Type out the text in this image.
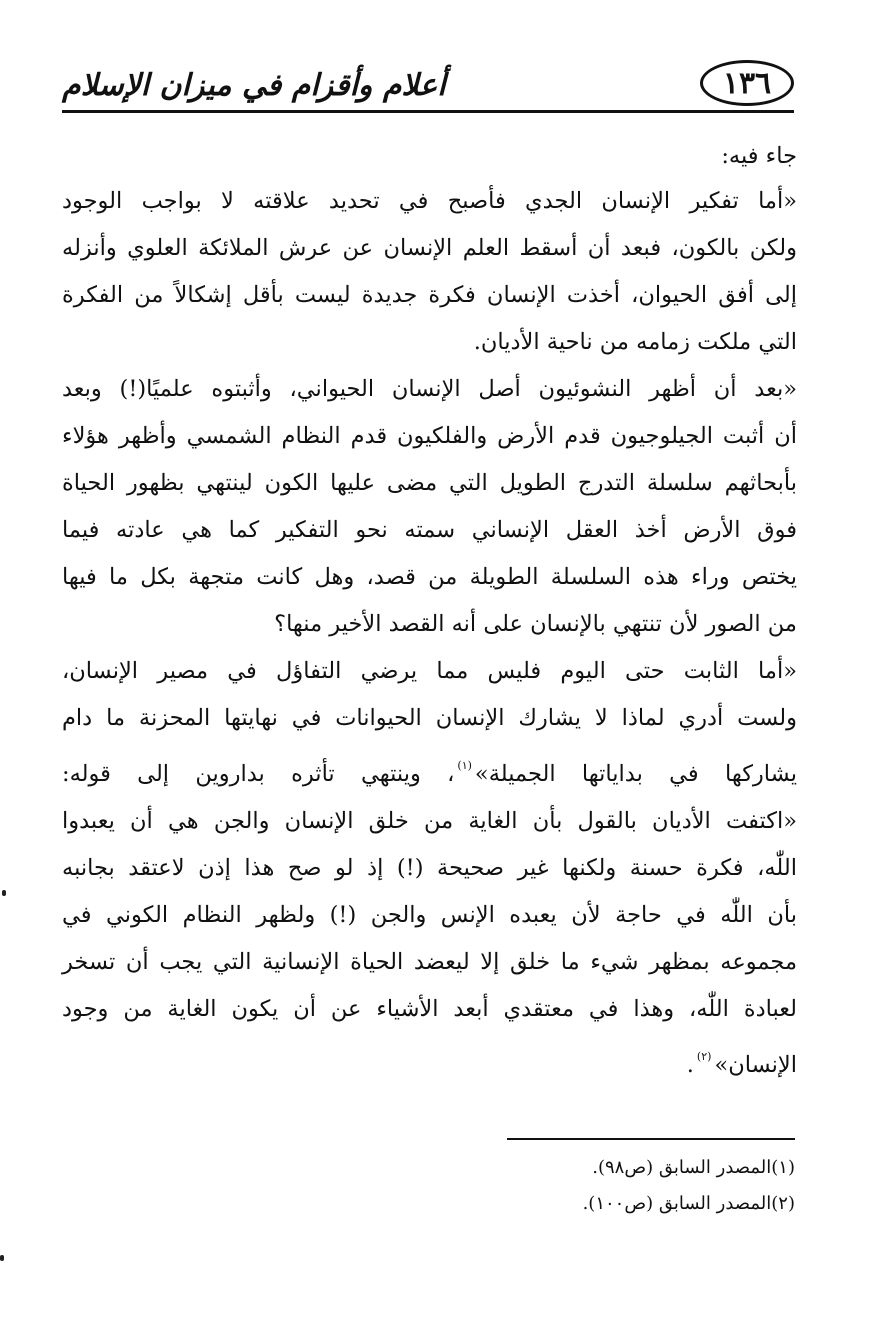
١٣٦
أعلام وأقزام في ميزان الإسلام

جاء فيه:

«أما تفكير الإنسان الجدي فأصبح في تحديد علاقته لا بواجب الوجود
ولكن بالكون، فبعد أن أسقط العلم الإنسان عن عرش الملائكة العلوي وأنزله
إلى أفق الحيوان، أخذت الإنسان فكرة جديدة ليست بأقل إشكالاً من الفكرة
التي ملكت زمامه من ناحية الأديان.

«بعد أن أظهر النشوئيون أصل الإنسان الحيواني، وأثبتوه علميًا(!) وبعد
أن أثبت الجيلوجيون قدم الأرض والفلكيون قدم النظام الشمسي وأظهر هؤلاء
بأبحاثهم سلسلة التدرج الطويل التي مضى عليها الكون لينتهي بظهور الحياة
فوق الأرض أخذ العقل الإنساني سمته نحو التفكير كما هي عادته فيما
يختص وراء هذه السلسلة الطويلة من قصد، وهل كانت متجهة بكل ما فيها
من الصور لأن تنتهي بالإنسان على أنه القصد الأخير منها؟

«أما الثابت حتى اليوم فليس مما يرضي التفاؤل في مصير الإنسان،
ولست أدري لماذا لا يشارك الإنسان الحيوانات في نهايتها المحزنة ما دام
يشاركها في بداياتها الجميلة»$^{(١)}$، وينتهي تأثره بداروين إلى قوله:

«اكتفت الأديان بالقول بأن الغاية من خلق الإنسان والجن هي أن يعبدوا
اللّٰه، فكرة حسنة ولكنها غير صحيحة (!) إذ لو صح هذا إذن لاعتقد بجانبه
بأن اللّٰه في حاجة لأن يعبده الإنس والجن (!) ولظهر النظام الكوني في
مجموعه بمظهر شيء ما خلق إلا ليعضد الحياة الإنسانية التي يجب أن تسخر
لعبادة اللّٰه، وهذا في معتقدي أبعد الأشياء عن أن يكون الغاية من وجود
الإنسان»$^{(٢)}$.

(١)المصدر السابق (ص٩٨).
(٢)المصدر السابق (ص١٠٠).
